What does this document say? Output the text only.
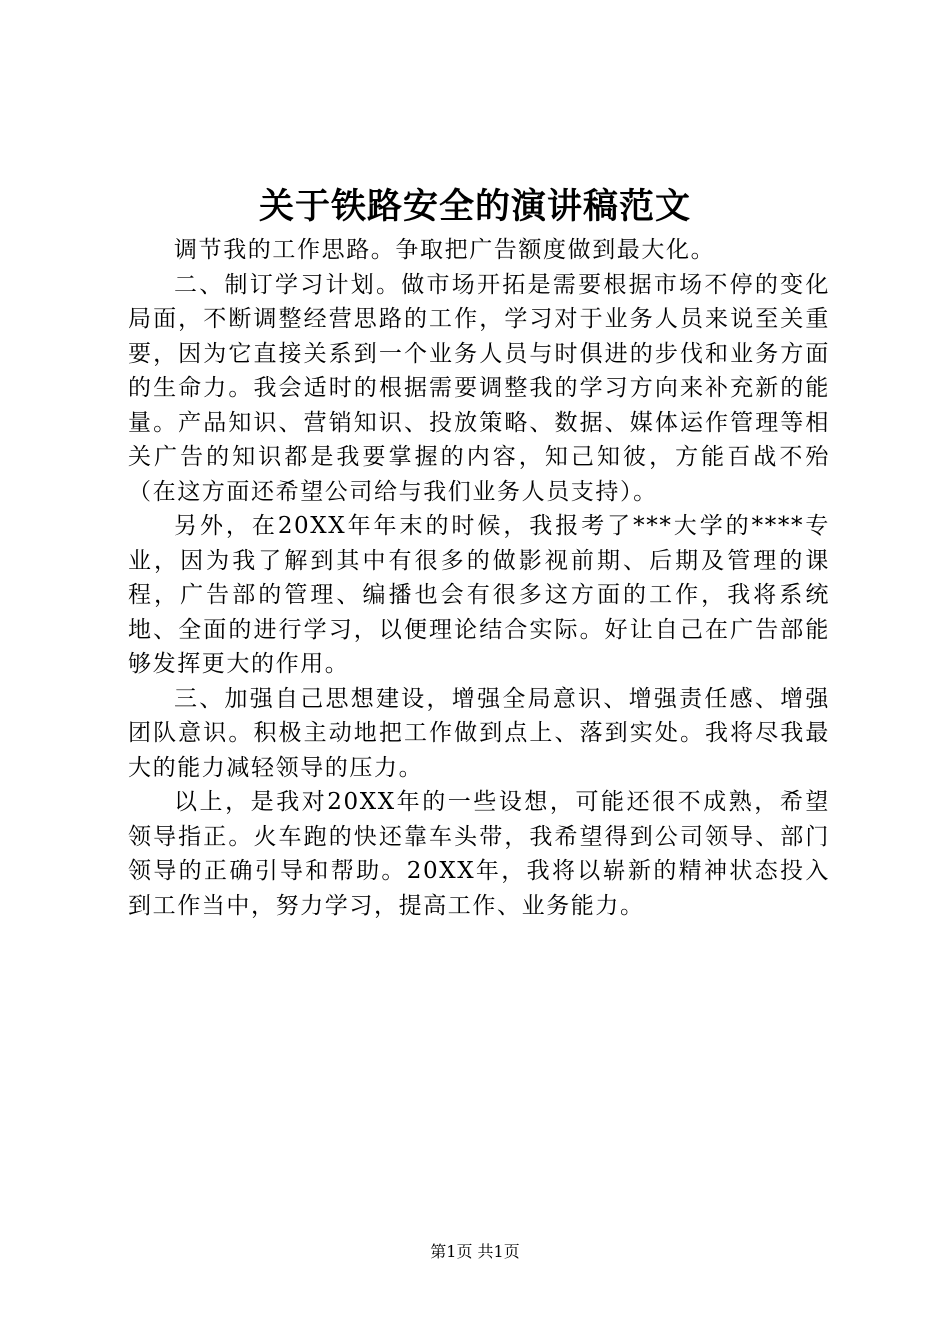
关于铁路安全的演讲稿范文

调节我的工作思路。争取把广告额度做到最大化。

二、制订学习计划。做市场开拓是需要根据市场不停的变化局面，不断调整经营思路的工作，学习对于业务人员来说至关重要，因为它直接关系到一个业务人员与时俱进的步伐和业务方面的生命力。我会适时的根据需要调整我的学习方向来补充新的能量。产品知识、营销知识、投放策略、数据、媒体运作管理等相关广告的知识都是我要掌握的内容，知己知彼，方能百战不殆（在这方面还希望公司给与我们业务人员支持）。

另外，在20XX年年末的时候，我报考了***大学的****专业，因为我了解到其中有很多的做影视前期、后期及管理的课程，广告部的管理、编播也会有很多这方面的工作，我将系统地、全面的进行学习，以便理论结合实际。好让自己在广告部能够发挥更大的作用。

三、加强自己思想建设，增强全局意识、增强责任感、增强团队意识。积极主动地把工作做到点上、落到实处。我将尽我最大的能力减轻领导的压力。

以上，是我对20XX年的一些设想，可能还很不成熟，希望领导指正。火车跑的快还靠车头带，我希望得到公司领导、部门领导的正确引导和帮助。20XX年，我将以崭新的精神状态投入到工作当中，努力学习，提高工作、业务能力。

第1页 共1页
